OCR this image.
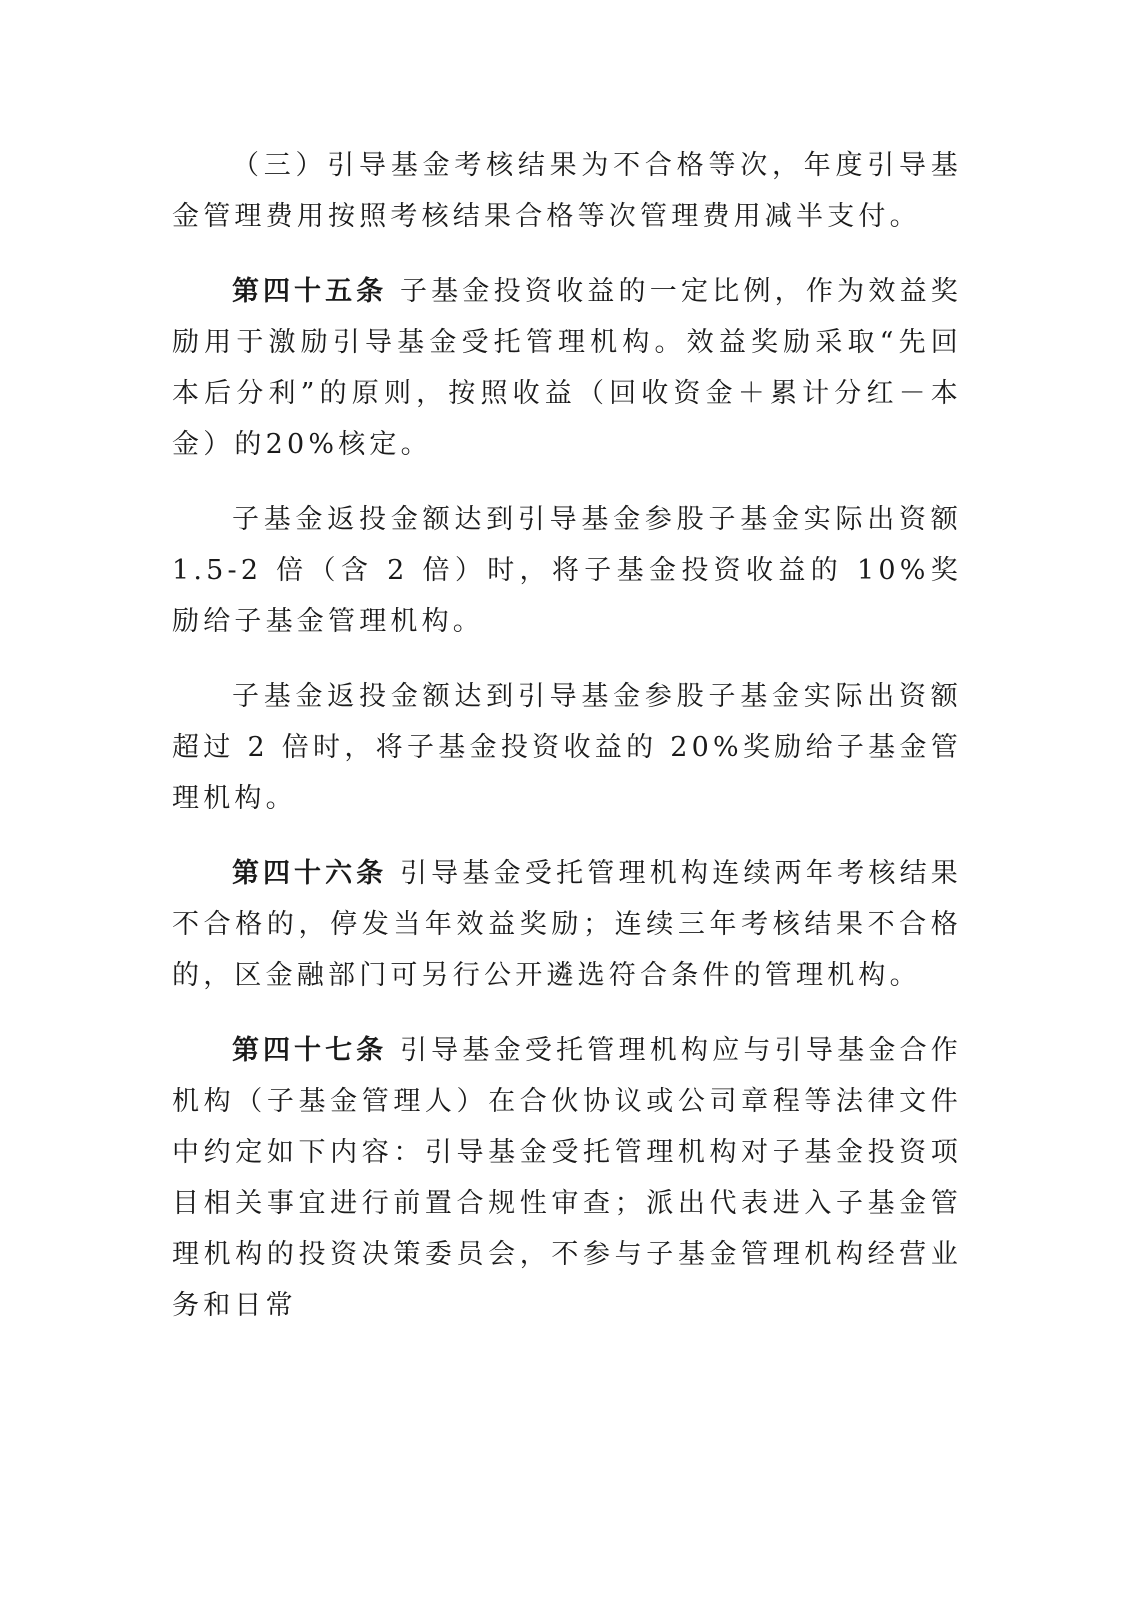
（三）引导基金考核结果为不合格等次，年度引导基金管理费用按照考核结果合格等次管理费用减半支付。

第四十五条 子基金投资收益的一定比例，作为效益奖励用于激励引导基金受托管理机构。效益奖励采取“先回本后分利”的原则，按照收益（回收资金＋累计分红－本金）的20%核定。

子基金返投金额达到引导基金参股子基金实际出资额 1.5-2 倍（含 2 倍）时，将子基金投资收益的 10%奖励给子基金管理机构。

子基金返投金额达到引导基金参股子基金实际出资额超过 2 倍时，将子基金投资收益的 20%奖励给子基金管理机构。

第四十六条 引导基金受托管理机构连续两年考核结果不合格的，停发当年效益奖励；连续三年考核结果不合格的，区金融部门可另行公开遴选符合条件的管理机构。

第四十七条 引导基金受托管理机构应与引导基金合作机构（子基金管理人）在合伙协议或公司章程等法律文件中约定如下内容：引导基金受托管理机构对子基金投资项目相关事宜进行前置合规性审查；派出代表进入子基金管理机构的投资决策委员会，不参与子基金管理机构经营业务和日常
